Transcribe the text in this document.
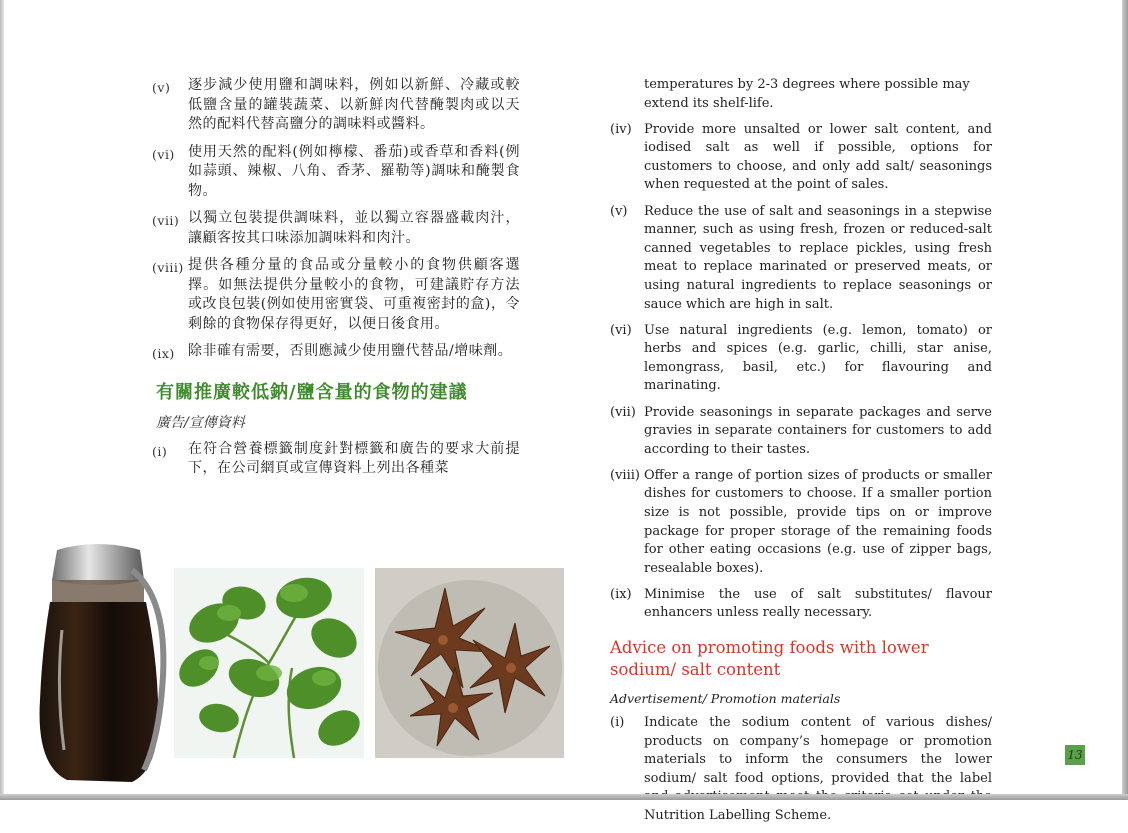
(v)	逐步減少使用鹽和調味料，例如以新鮮、冷藏或較低鹽含量的罐裝蔬菜、以新鮮肉代替醃製肉或以天然的配料代替高鹽分的調味料或醬料。
(vi) 使用天然的配料(例如檸檬、番茄)或香草和香料(例如蒜頭、辣椒、八角、香茅、羅勒等)調味和醃製食物。
(vii) 以獨立包裝提供調味料，並以獨立容器盛載肉汁，讓顧客按其口味添加調味料和肉汁。
(viii) 提供各種分量的食品或分量較小的食物供顧客選擇。如無法提供分量較小的食物，可建議貯存方法或改良包裝(例如使用密實袋、可重複密封的盒)，令剩餘的食物保存得更好，以便日後食用。
(ix) 除非確有需要，否則應減少使用鹽代替品/增味劑。
有關推廣較低鈉/鹽含量的食物的建議
廣告/宣傳資料
(i)	在符合營養標籤制度針對標籤和廣告的要求大前提下，在公司網頁或宣傳資料上列出各種菜
temperatures by 2-3 degrees where possible may extend its shelf-life.
(iv) Provide more unsalted or lower salt content, and iodised salt as well if possible, options for customers to choose, and only add salt/ seasonings when requested at the point of sales.
(v)	Reduce the use of salt and seasonings in a stepwise manner, such as using fresh, frozen or reduced-salt canned vegetables to replace pickles, using fresh meat to replace marinated or preserved meats, or using natural ingredients to replace seasonings or sauce which are high in salt.
(vi) Use natural ingredients (e.g. lemon, tomato) or herbs and spices (e.g. garlic, chilli, star anise, lemongrass, basil, etc.) for flavouring and marinating.
(vii) Provide seasonings in separate packages and serve gravies in separate containers for customers to add according to their tastes.
(viii) Offer a range of portion sizes of products or smaller dishes for customers to choose. If a smaller portion size is not possible, provide tips on or improve package for proper storage of the remaining foods for other eating occasions (e.g. use of zipper bags, resealable boxes).
(ix) Minimise the use of salt substitutes/ flavour enhancers unless really necessary.
Advice on promoting foods with lower sodium/ salt content
Advertisement/ Promotion materials
(i)	Indicate the sodium content of various dishes/ products on company’s homepage or promotion materials to inform the consumers the lower sodium/ salt food options, provided that the label Nutrition Labelling Scheme.
13
